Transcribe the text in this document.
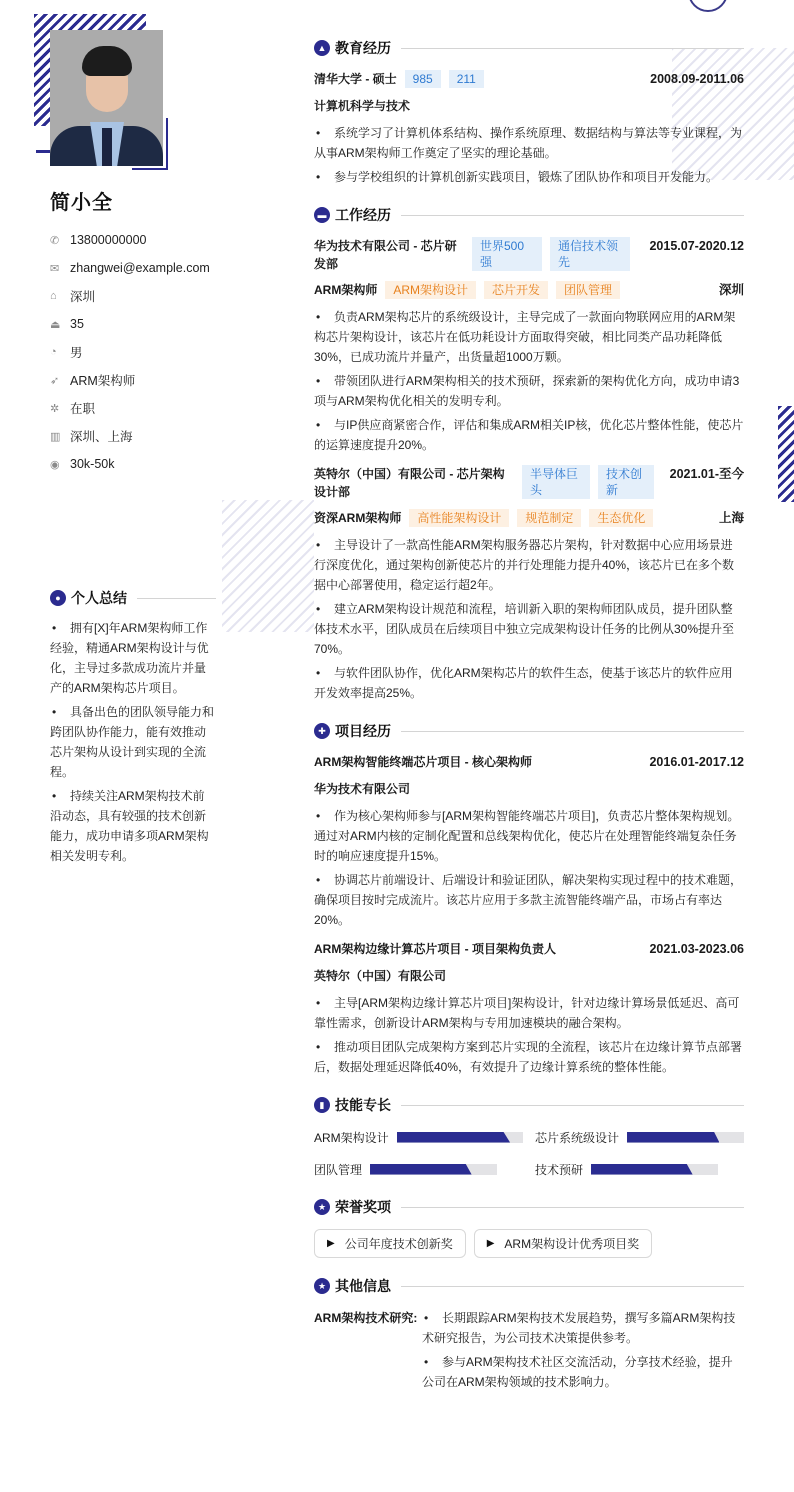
简小全
✆ 13800000000
✉ zhangwei@example.com
⌂	深圳
⏏ 35
◔	男
➶ ARM架构师
✲ 在职
▥ 深圳、上海
◉ 30k-50k
● 个人总结
• 拥有[X]年ARM架构师工作经验，精通ARM架构设计与优化，主导过多款成功流片并量产的ARM架构芯片项目。
• 具备出色的团队领导能力和跨团队协作能力，能有效推动芯片架构从设计到实现的全流程。
• 持续关注ARM架构技术前沿动态，具有较强的技术创新能力，成功申请多项ARM架构相关发明专利。
▲ 教育经历
清华大学 - 硕士	985	211	2008.09-2011.06
计算机科学与技术
• 系统学习了计算机体系结构、操作系统原理、数据结构与算法等专业课程，为从事ARM架构师工作奠定了坚实的理论基础。
• 参与学校组织的计算机创新实践项目，锻炼了团队协作和项目开发能力。
▬ 工作经历
华为技术有限公司 - 芯片研发部
世界500强
通信技术领先
2015.07-2020.12
ARM架构师	ARM架构设计	芯片开发	团队管理	深圳
• 负责ARM架构芯片的系统级设计，主导完成了一款面向物联网应用的ARM架构芯片架构设计，该芯片在低功耗设计方面取得突破，相比同类产品功耗降低30%，已成功流片并量产，出货量超1000万颗。
• 带领团队进行ARM架构相关的技术预研，探索新的架构优化方向，成功申请3项与ARM架构优化相关的发明专利。
• 与IP供应商紧密合作，评估和集成ARM相关IP核，优化芯片整体性能，使芯片的运算速度提升20%。
英特尔（中国）有限公司 - 芯片架构设计部
半导体巨头
技术创新
2021.01-至今
资深ARM架构师	高性能架构设计	规范制定	生态优化	上海
• 主导设计了一款高性能ARM架构服务器芯片架构，针对数据中心应用场景进行深度优化，通过架构创新使芯片的并行处理能力提升40%，该芯片已在多个数据中心部署使用，稳定运行超2年。
• 建立ARM架构设计规范和流程，培训新入职的架构师团队成员，提升团队整体技术水平，团队成员在后续项目中独立完成架构设计任务的比例从30%提升至70%。
• 与软件团队协作，优化ARM架构芯片的软件生态，使基于该芯片的软件应用开发效率提高25%。
✚ 项目经历
ARM架构智能终端芯片项目 - 核心架构师	2016.01-2017.12
华为技术有限公司
• 作为核心架构师参与[ARM架构智能终端芯片项目]，负责芯片整体架构规划。通过对ARM内核的定制化配置和总线架构优化，使芯片在处理智能终端复杂任务时的响应速度提升15%。
• 协调芯片前端设计、后端设计和验证团队，解决架构实现过程中的技术难题，确保项目按时完成流片。该芯片应用于多款主流智能终端产品，市场占有率达20%。
ARM架构边缘计算芯片项目 - 项目架构负责人	2021.03-2023.06
英特尔（中国）有限公司
• 主导[ARM架构边缘计算芯片项目]架构设计，针对边缘计算场景低延迟、高可靠性需求，创新设计ARM架构与专用加速模块的融合架构。
• 推动项目团队完成架构方案到芯片实现的全流程，该芯片在边缘计算节点部署后，数据处理延迟降低40%，有效提升了边缘计算系统的整体性能。
▮ 技能专长
ARM架构设计	芯片系统级设计
团队管理	技术预研
★ 荣誉奖项
▶ 公司年度技术创新奖	▶ ARM架构设计优秀项目奖
★ 其他信息
ARM架构技术研究:	• 长期跟踪ARM架构技术发展趋势，撰写多篇ARM架构技术研究报告，为公司技术决策提供参考。
• 参与ARM架构技术社区交流活动，分享技术经验，提升公司在ARM架构领域的技术影响力。
